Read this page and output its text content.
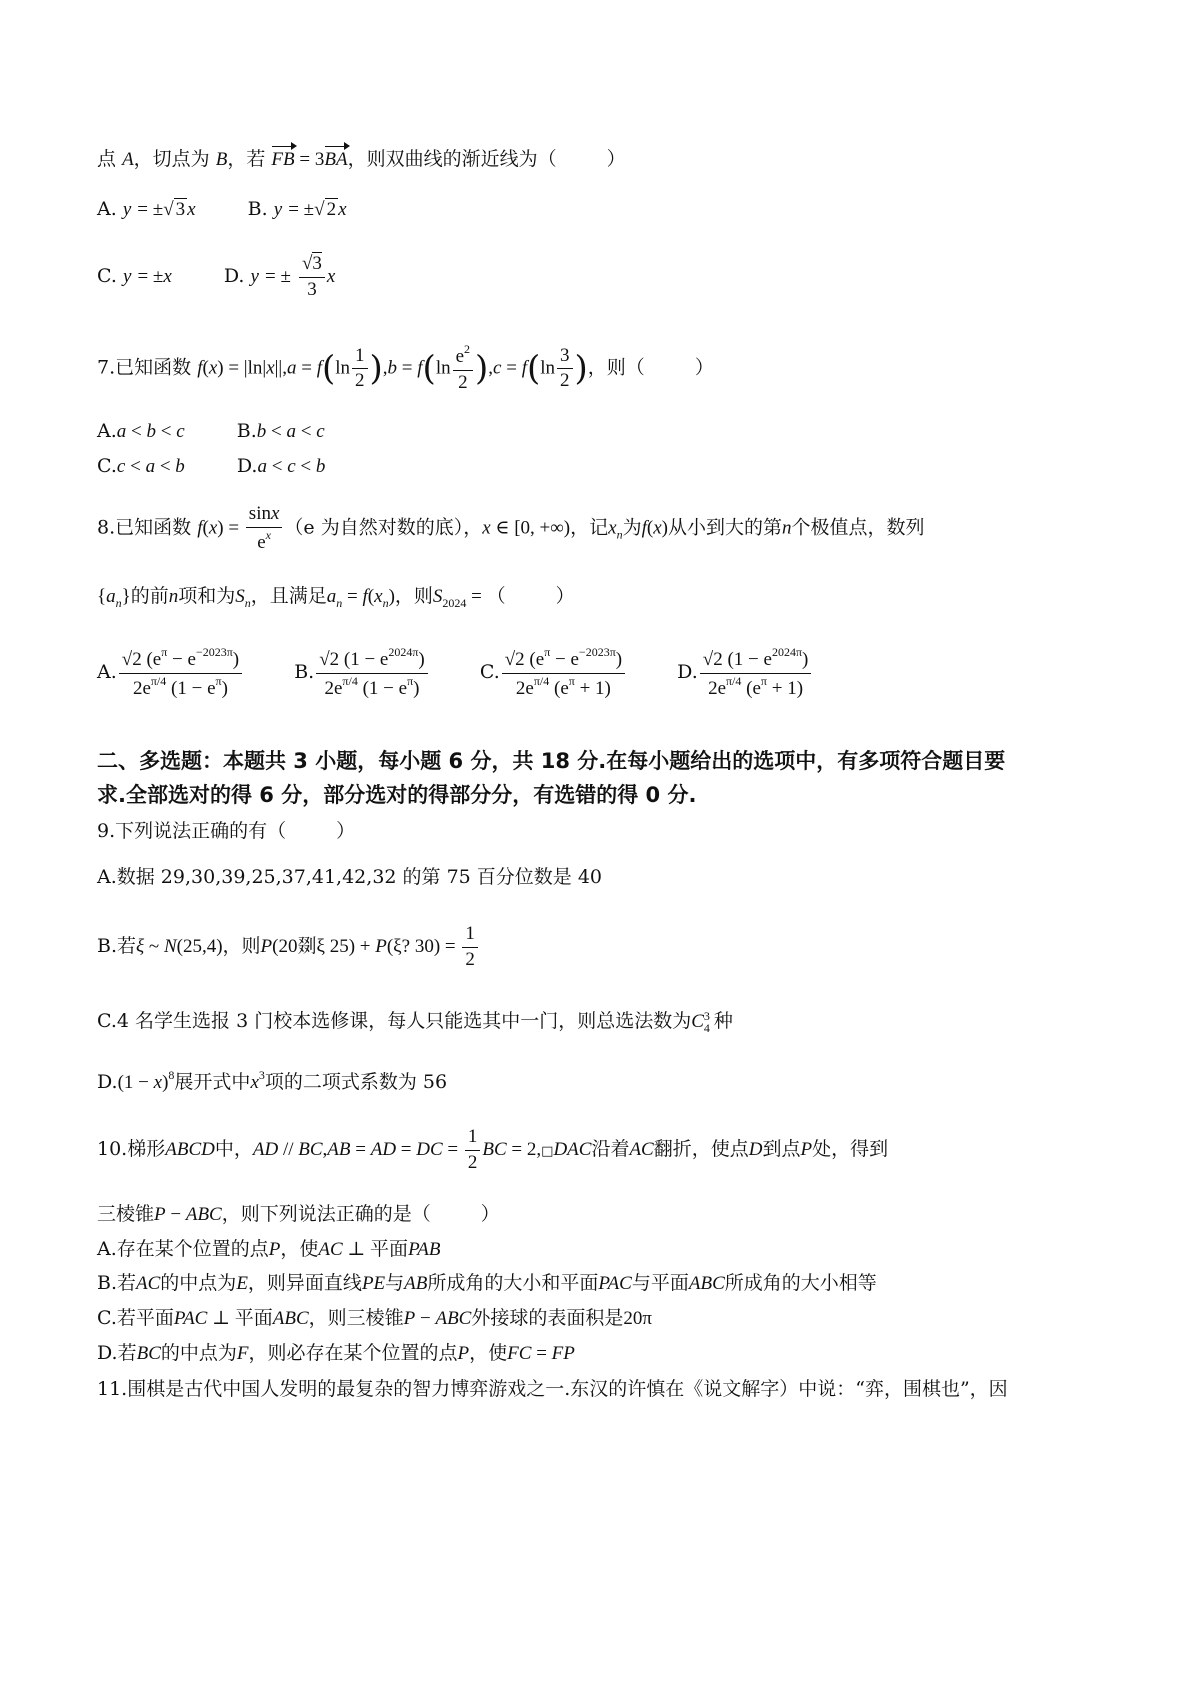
点 A，切点为 B，若 FB = 3BA，则双曲线的渐近线为（	）
A. y = ±√ 3 x	B. y = ±√ 2 x
C. y = ±x	D. y = ± $\frac{√3}{3}$ x
7.已知函数 $f(x) = |\ln|x||,a = f(\ln \frac{1}{2} ),b = f(\ln \frac{e^2}{2} ),c = f(\ln \frac{3}{2}$ )，则（	）
A.a < b < c	B.b < a < c
C.c < a < b	D.a < c < b
8.已知函数 $f(x) = \frac{\sin x}{e^x} (e$ 为自然对数的底），x ∈ [0, +∞)，记$x_n$为f(x)从小到大的第n个极值点，数列
$\{a_n\}$的前n项和为$S_n$，且满足$a_n = f(x_n)$，则$S_{2024}$ = （	）
A. $\frac{√2 (e^\pi - e^{-2023\pi})}{2e^{\pi/4} (1 - e^\pi)}$	B. $\frac{√2 (1 - e^{2024\pi})}{2e^{\pi/4} (1 - e^\pi)}$	C. $\frac{√2 (e^\pi - e^{-2023\pi})}{2e^{\pi/4} (e^\pi + 1)}$	D. $\frac{√2 (1 - e^{2024\pi})}{2e^{\pi/4} (e^\pi + 1)}$
二、多选题：本题共 3 小题，每小题 6 分，共 18 分.在每小题给出的选项中，有多项符合题目要
求.全部选对的得 6 分，部分选对的得部分分，有选错的得 0 分.
9.下列说法正确的有（	）
A.数据 29,30,39,25,37,41,42,32 的第 75 百分位数是 40
B.若ξ ~ N(25,4)，则P(20剟ξ 25) + P(ξ? $30) = \frac{1}{2}$
C.4 名学生选报 3 门校本选修课，每人只能选其中一门，则总选法数为C 3
4 种
$D.(1 - x)^8$展开式中$x^3$项的二项式系数为 56
10.梯形ABCD中，AD // BC,AB = AD = DC = $\frac{1}{2}$ BC = 2,□DAC沿着AC翻折，使点D到点P处，得到
三棱锥P − ABC，则下列说法正确的是（	）
A.存在某个位置的点P，使AC ⊥ 平面PAB
B.若AC的中点为E，则异面直线PE与AB所成角的大小和平面PAC与平面ABC所成角的大小相等
C.若平面PAC ⊥ 平面ABC，则三棱锥P − ABC外接球的表面积是20π
D.若BC的中点为F，则必存在某个位置的点P，使FC = FP
11.围棋是古代中国人发明的最复杂的智力博弈游戏之一.东汉的许慎在《说文解字）中说：“弈，围棋也”，因
